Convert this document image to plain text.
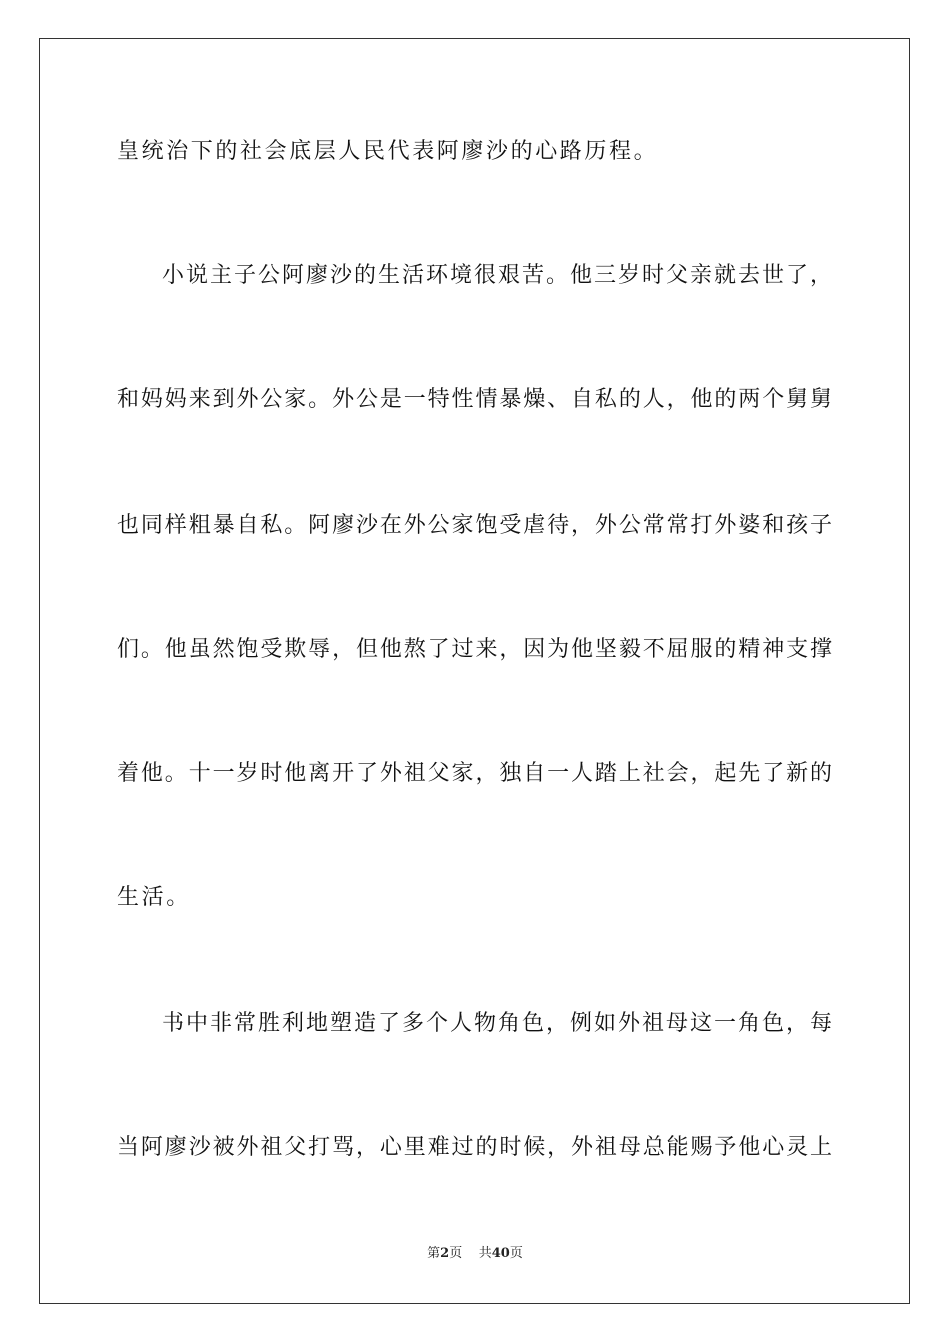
皇统治下的社会底层人民代表阿廖沙的心路历程。
小说主子公阿廖沙的生活环境很艰苦。他三岁时父亲就去世了，
和妈妈来到外公家。外公是一特性情暴燥、自私的人，他的两个舅舅
也同样粗暴自私。阿廖沙在外公家饱受虐待，外公常常打外婆和孩子
们。他虽然饱受欺辱，但他熬了过来，因为他坚毅不屈服的精神支撑
着他。十一岁时他离开了外祖父家，独自一人踏上社会，起先了新的
生活。
书中非常胜利地塑造了多个人物角色，例如外祖母这一角色，每
当阿廖沙被外祖父打骂，心里难过的时候，外祖母总能赐予他心灵上
第2页 共40页
